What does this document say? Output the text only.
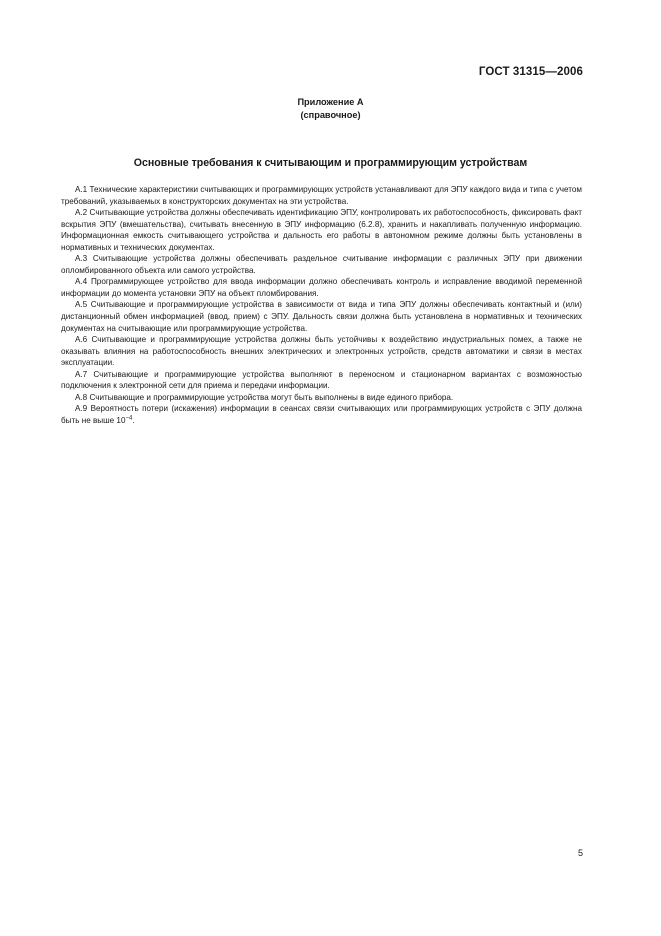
ГОСТ 31315—2006
Приложение А
(справочное)
Основные требования к считывающим и программирующим устройствам

А.1 Технические характеристики считывающих и программирующих устройств устанавливают для ЭПУ каждого вида и типа с учетом требований, указываемых в конструкторских документах на эти устройства.

А.2 Считывающие устройства должны обеспечивать идентификацию ЭПУ, контролировать их работоспособность, фиксировать факт вскрытия ЭПУ (вмешательства), считывать внесенную в ЭПУ информацию (6.2.8), хранить и накапливать полученную информацию. Информационная емкость считывающего устройства и дальность его работы в автономном режиме должны быть установлены в нормативных и технических документах.

А.3 Считывающие устройства должны обеспечивать раздельное считывание информации с различных ЭПУ при движении опломбированного объекта или самого устройства.

А.4 Программирующее устройство для ввода информации должно обеспечивать контроль и исправление вводимой переменной информации до момента установки ЭПУ на объект пломбирования.

А.5 Считывающие и программирующие устройства в зависимости от вида и типа ЭПУ должны обеспечивать контактный и (или) дистанционный обмен информацией (ввод, прием) с ЭПУ. Дальность связи должна быть установлена в нормативных и технических документах на считывающие или программирующие устройства.

А.6 Считывающие и программирующие устройства должны быть устойчивы к воздействию индустриальных помех, а также не оказывать влияния на работоспособность внешних электрических и электронных устройств, средств автоматики и связи в местах эксплуатации.

А.7 Считывающие и программирующие устройства выполняют в переносном и стационарном вариантах с возможностью подключения к электронной сети для приема и передачи информации.

А.8 Считывающие и программирующие устройства могут быть выполнены в виде единого прибора.

А.9 Вероятность потери (искажения) информации в сеансах связи считывающих или программирующих устройств с ЭПУ должна быть не выше $10^{-4}$.

5
